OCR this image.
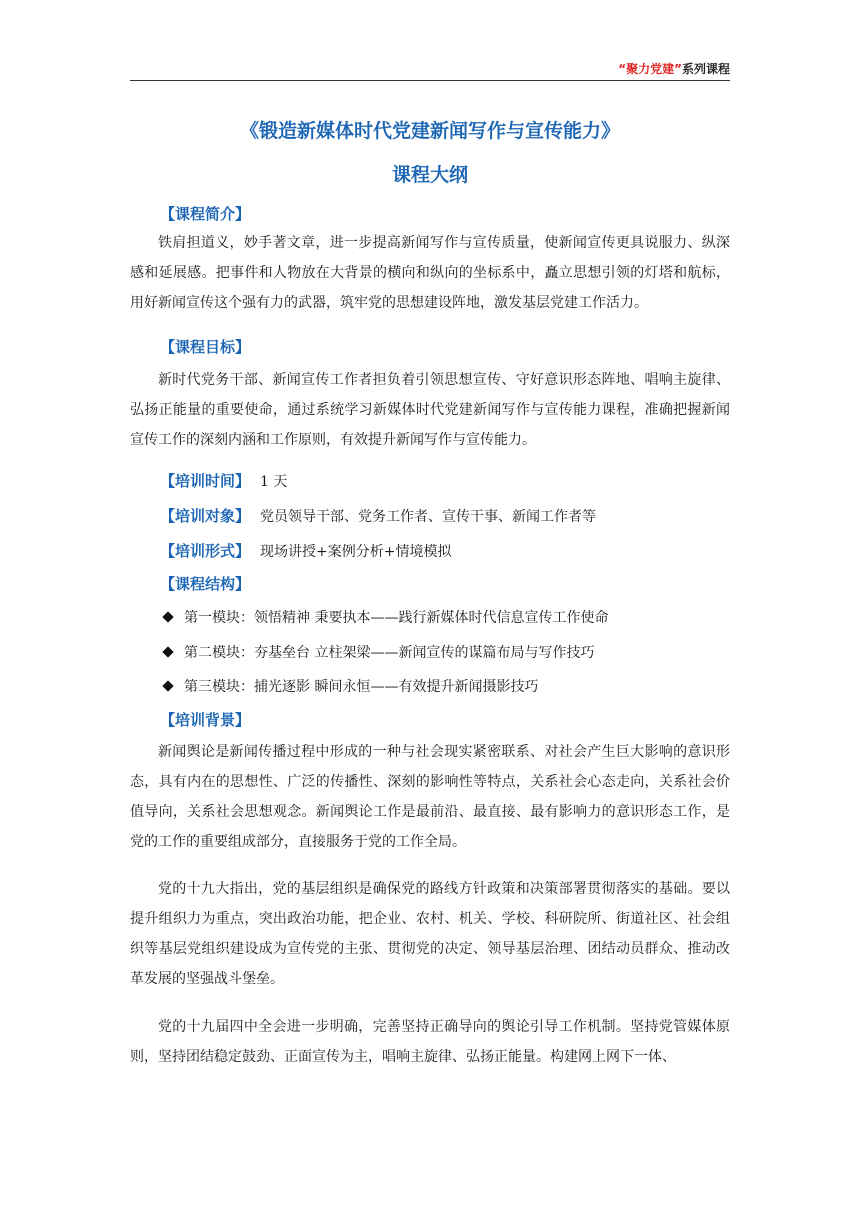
“聚力党建”系列课程
《锻造新媒体时代党建新闻写作与宣传能力》
课程大纲
【课程简介】
铁肩担道义，妙手著文章，进一步提高新闻写作与宣传质量，使新闻宣传更具说服力、纵深感和延展感。把事件和人物放在大背景的横向和纵向的坐标系中，矗立思想引领的灯塔和航标，用好新闻宣传这个强有力的武器，筑牢党的思想建设阵地，激发基层党建工作活力。
【课程目标】
新时代党务干部、新闻宣传工作者担负着引领思想宣传、守好意识形态阵地、唱响主旋律、弘扬正能量的重要使命，通过系统学习新媒体时代党建新闻写作与宣传能力课程，准确把握新闻宣传工作的深刻内涵和工作原则，有效提升新闻写作与宣传能力。
【培训时间】 1 天
【培训对象】 党员领导干部、党务工作者、宣传干事、新闻工作者等
【培训形式】 现场讲授+案例分析+情境模拟
【课程结构】
第一模块：领悟精神 秉要执本——践行新媒体时代信息宣传工作使命
第二模块：夯基垒台 立柱架梁——新闻宣传的谋篇布局与写作技巧
第三模块：捕光逐影 瞬间永恒——有效提升新闻摄影技巧
【培训背景】
新闻舆论是新闻传播过程中形成的一种与社会现实紧密联系、对社会产生巨大影响的意识形态，具有内在的思想性、广泛的传播性、深刻的影响性等特点，关系社会心态走向，关系社会价值导向，关系社会思想观念。新闻舆论工作是最前沿、最直接、最有影响力的意识形态工作，是党的工作的重要组成部分，直接服务于党的工作全局。
党的十九大指出，党的基层组织是确保党的路线方针政策和决策部署贯彻落实的基础。要以提升组织力为重点，突出政治功能，把企业、农村、机关、学校、科研院所、街道社区、社会组织等基层党组织建设成为宣传党的主张、贯彻党的决定、领导基层治理、团结动员群众、推动改革发展的坚强战斗堡垒。
党的十九届四中全会进一步明确，完善坚持正确导向的舆论引导工作机制。坚持党管媒体原则，坚持团结稳定鼓劲、正面宣传为主，唱响主旋律、弘扬正能量。构建网上网下一体、
